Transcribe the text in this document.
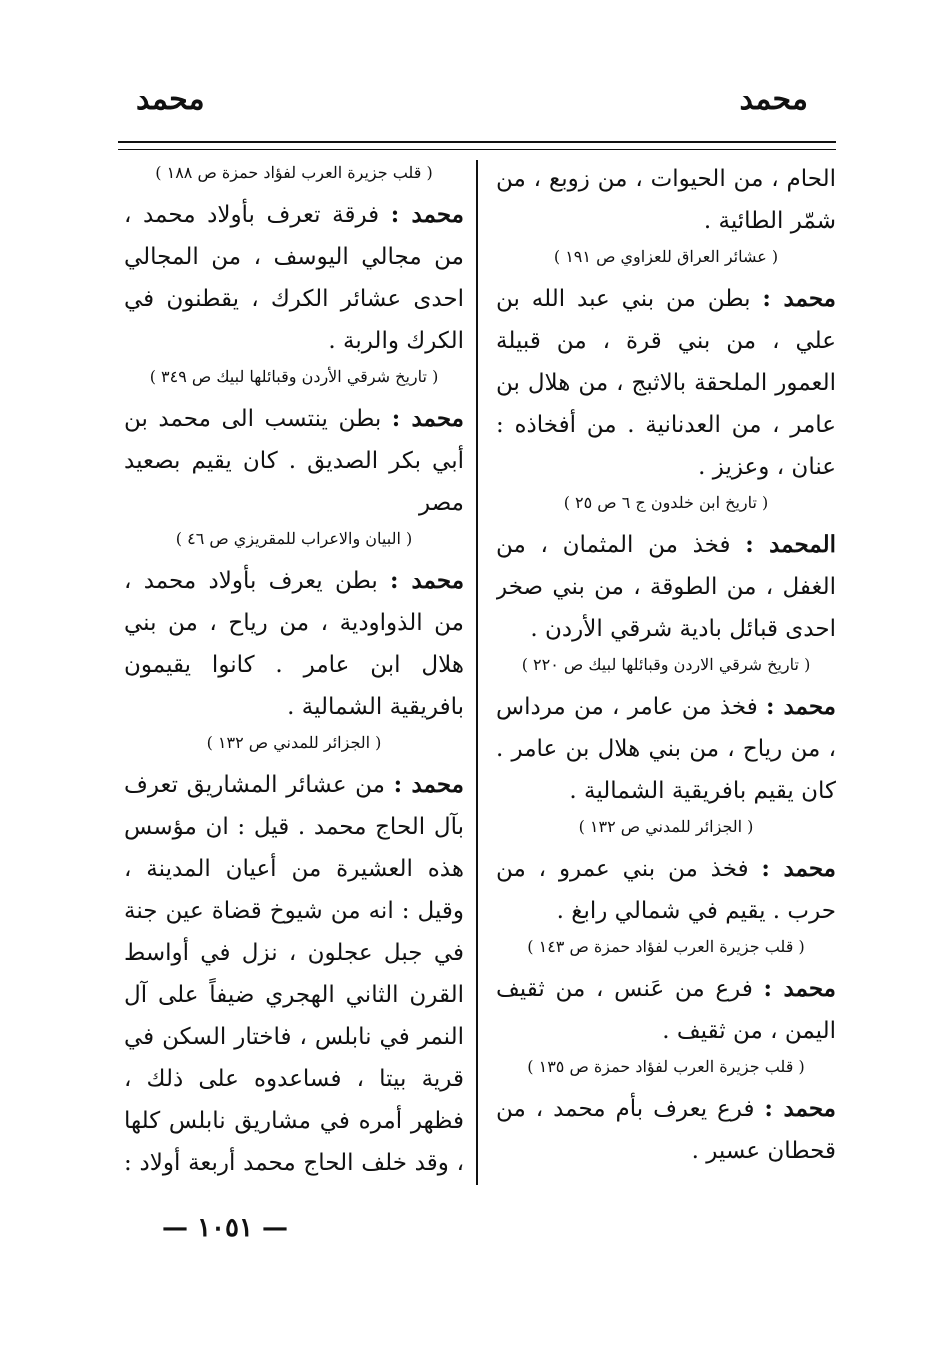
محمد
محمد
الحام ، من الحيوات ، من زوبع ، من شمّر الطائية .
( عشائر العراق للعزاوي ص ١٩١ )
محمد : بطن من بني عبد الله بن علي ، من بني قرة ، من قبيلة العمور الملحقة بالاثبج ، من هلال بن عامر ، من العدنانية . من أفخاذه : عنان ، وعزيز .
( تاريخ ابن خلدون ج ٦ ص ٢٥ )
المحمد : فخذ من المثمان ، من الغفل ، من الطوقة ، من بني صخر احدى قبائل بادية شرقي الأردن .
( تاريخ شرقي الاردن وقبائلها لبيك ص ٢٢٠ )
محمد : فخذ من عامر ، من مرداس ، من رياح ، من بني هلال بن عامر . كان يقيم بافريقية الشمالية .
( الجزائر للمدني ص ١٣٢ )
محمد : فخذ من بني عمرو ، من حرب . يقيم في شمالي رابغ .
( قلب جزيرة العرب لفؤاد حمزة ص ١٤٣ )
محمد : فرع من عَنس ، من ثقيف اليمن ، من ثقيف .
( قلب جزيرة العرب لفؤاد حمزة ص ١٣٥ )
محمد : فرع يعرف بأم محمد ، من قحطان عسير .
( قلب جزيرة العرب لفؤاد حمزة ص ١٨٨ )
محمد : فرقة تعرف بأولاد محمد ، من مجالي اليوسف ، من المجالي احدى عشائر الكرك ، يقطنون في الكرك والربة .
( تاريخ شرقي الأردن وقبائلها لبيك ص ٣٤٩ )
محمد : بطن ينتسب الى محمد بن أبي بكر الصديق . كان يقيم بصعيد مصر
( البيان والاعراب للمقريزي ص ٤٦ )
محمد : بطن يعرف بأولاد محمد ، من الذواودية ، من رياح ، من بني هلال ابن عامر . كانوا يقيمون بافريقية الشمالية .
( الجزائر للمدني ص ١٣٢ )
محمد : من عشائر المشاريق تعرف بآل الحاج محمد . قيل : ان مؤسس هذه العشيرة من أعيان المدينة ، وقيل : انه من شيوخ قضاة عين جنة في جبل عجلون ، نزل في أواسط القرن الثاني الهجري ضيفاً على آل النمر في نابلس ، فاختار السكن في قرية بيتا ، فساعدوه على ذلك ، فظهر أمره في مشاريق نابلس كلها ، وقد خلف الحاج محمد أربعة أولاد :
— ١٠٥١ —
